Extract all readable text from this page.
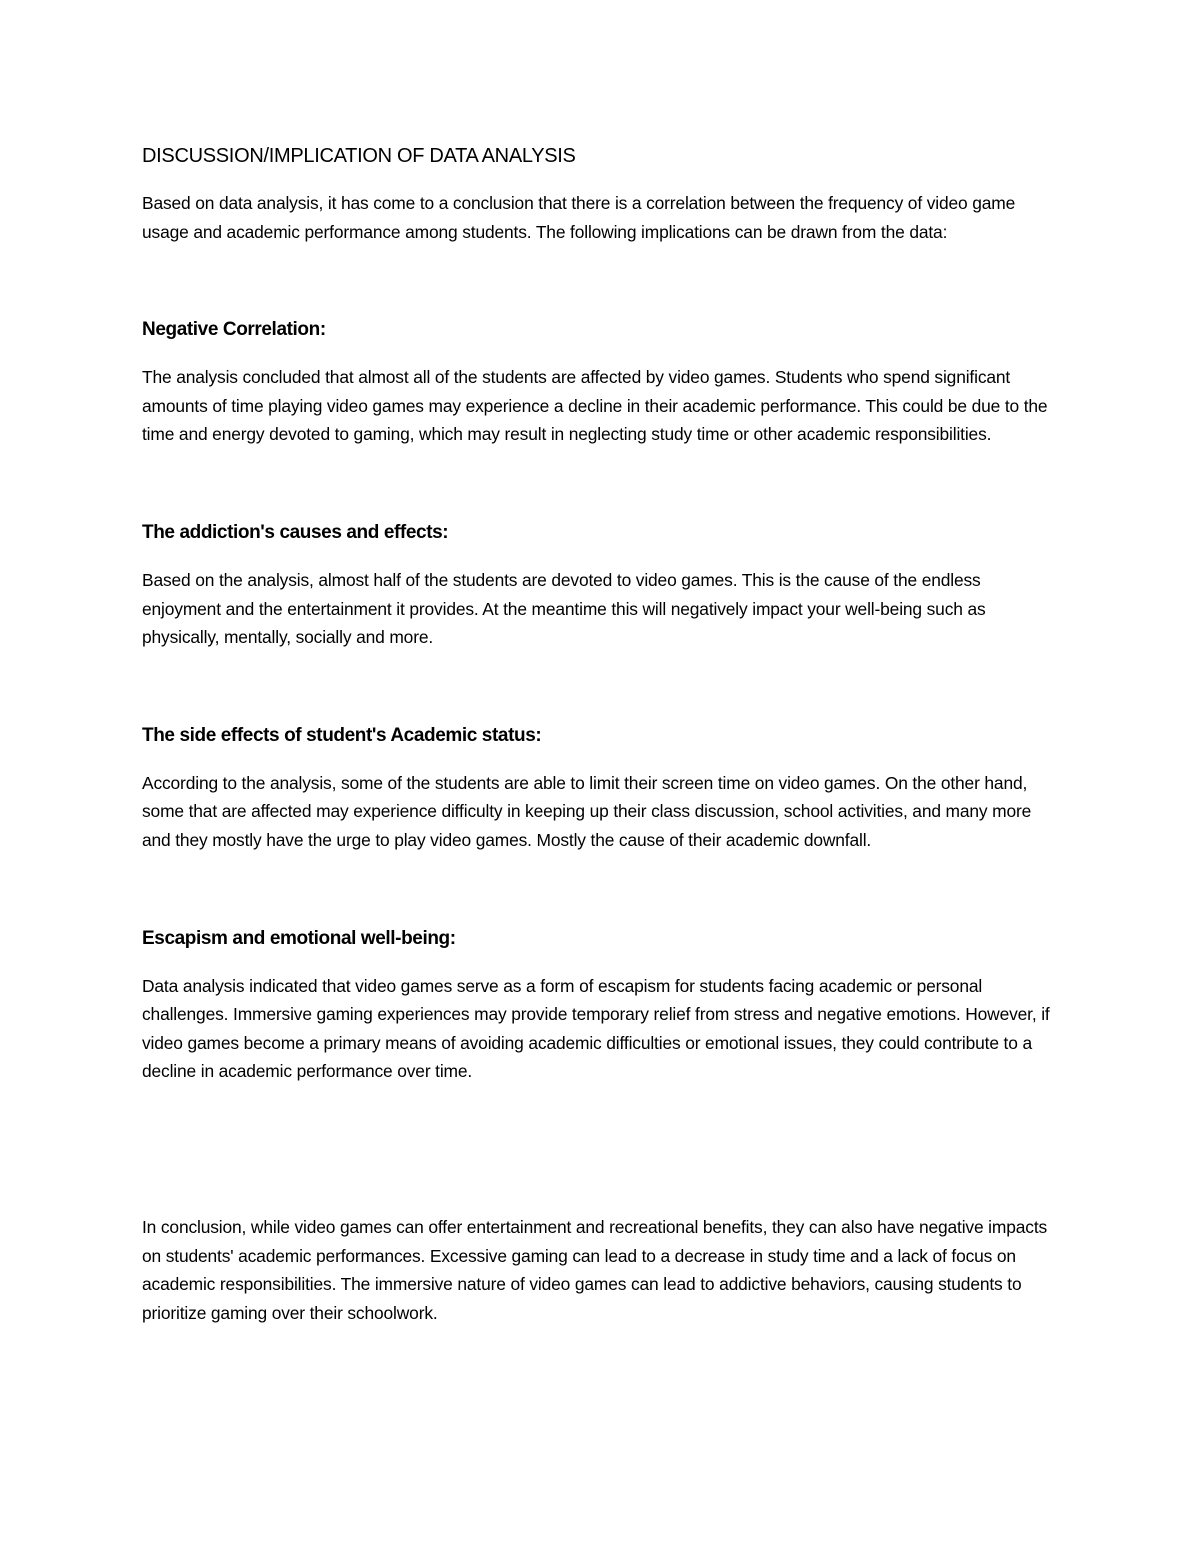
DISCUSSION/IMPLICATION OF DATA ANALYSIS

Based on data analysis, it has come to a conclusion that there is a correlation between the frequency of video game usage and academic performance among students. The following implications can be drawn from the data:

Negative Correlation:

The analysis concluded that almost all of the students are affected by video games. Students who spend significant amounts of time playing video games may experience a decline in their academic performance. This could be due to the time and energy devoted to gaming, which may result in neglecting study time or other academic responsibilities.

The addiction's causes and effects:

Based on the analysis, almost half of the students are devoted to video games. This is the cause of the endless enjoyment and the entertainment it provides. At the meantime this will negatively impact your well-being such as physically, mentally, socially and more.

The side effects of student's Academic status:

According to the analysis, some of the students are able to limit their screen time on video games. On the other hand, some that are affected may experience difficulty in keeping up their class discussion, school activities, and many more and they mostly have the urge to play video games. Mostly the cause of their academic downfall.

Escapism and emotional well-being:

Data analysis indicated that video games serve as a form of escapism for students facing academic or personal challenges. Immersive gaming experiences may provide temporary relief from stress and negative emotions. However, if video games become a primary means of avoiding academic difficulties or emotional issues, they could contribute to a decline in academic performance over time.

In conclusion, while video games can offer entertainment and recreational benefits, they can also have negative impacts on students' academic performances. Excessive gaming can lead to a decrease in study time and a lack of focus on academic responsibilities. The immersive nature of video games can lead to addictive behaviors, causing students to prioritize gaming over their schoolwork.
